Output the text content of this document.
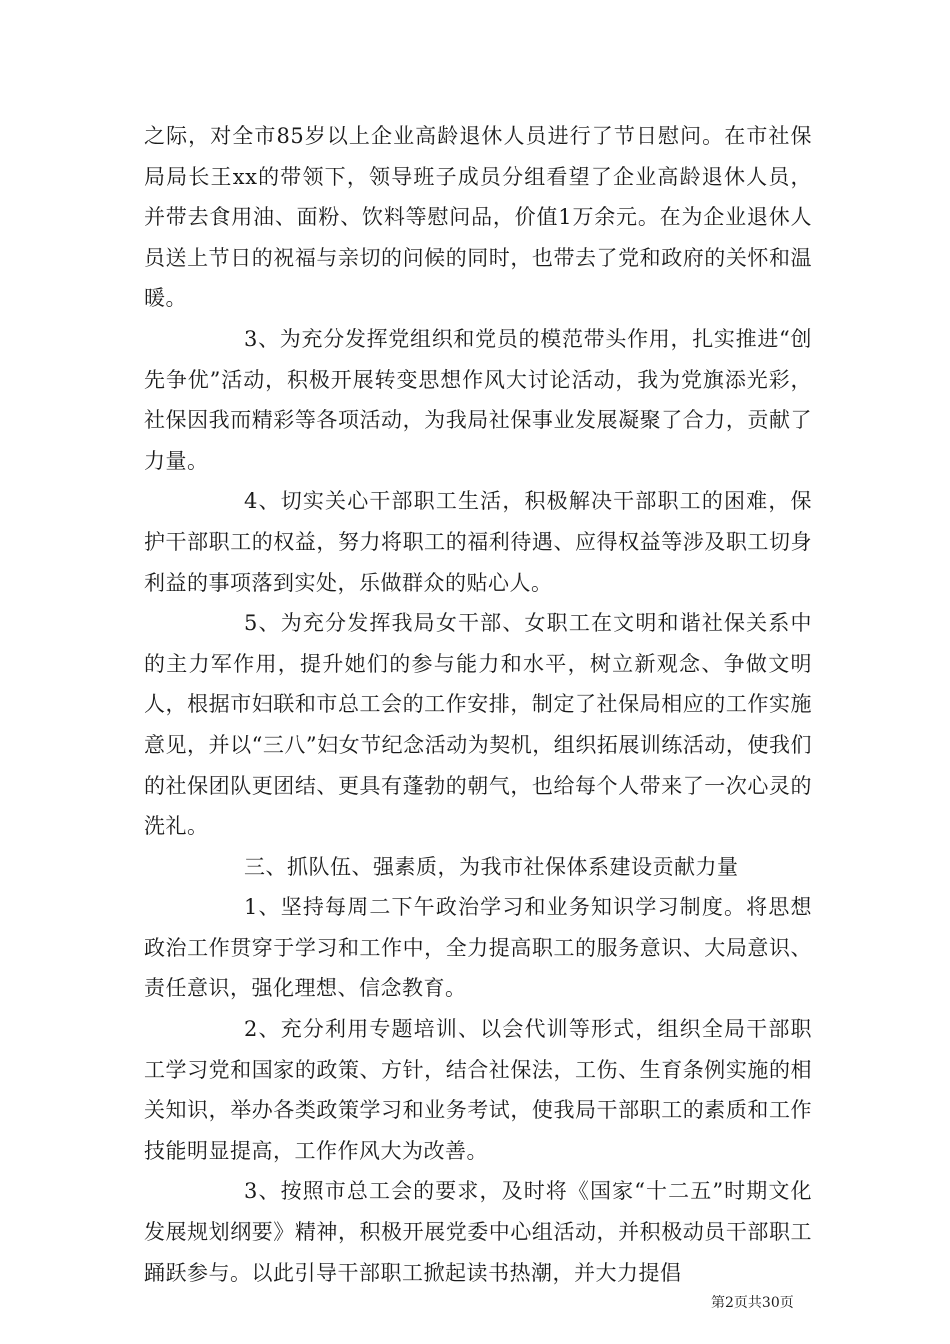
之际，对全市85岁以上企业高龄退休人员进行了节日慰问。在市社保局局长王xx的带领下，领导班子成员分组看望了企业高龄退休人员，并带去食用油、面粉、饮料等慰问品，价值1万余元。在为企业退休人员送上节日的祝福与亲切的问候的同时，也带去了党和政府的关怀和温暖。

3、为充分发挥党组织和党员的模范带头作用，扎实推进“创先争优”活动，积极开展转变思想作风大讨论活动，我为党旗添光彩，社保因我而精彩等各项活动，为我局社保事业发展凝聚了合力，贡献了力量。

4、切实关心干部职工生活，积极解决干部职工的困难，保护干部职工的权益，努力将职工的福利待遇、应得权益等涉及职工切身利益的事项落到实处，乐做群众的贴心人。

5、为充分发挥我局女干部、女职工在文明和谐社保关系中的主力军作用，提升她们的参与能力和水平，树立新观念、争做文明人，根据市妇联和市总工会的工作安排，制定了社保局相应的工作实施意见，并以“三八”妇女节纪念活动为契机，组织拓展训练活动，使我们的社保团队更团结、更具有蓬勃的朝气，也给每个人带来了一次心灵的洗礼。

三、抓队伍、强素质，为我市社保体系建设贡献力量

1、坚持每周二下午政治学习和业务知识学习制度。将思想政治工作贯穿于学习和工作中，全力提高职工的服务意识、大局意识、责任意识，强化理想、信念教育。

2、充分利用专题培训、以会代训等形式，组织全局干部职工学习党和国家的政策、方针，结合社保法，工伤、生育条例实施的相关知识，举办各类政策学习和业务考试，使我局干部职工的素质和工作技能明显提高，工作作风大为改善。

3、按照市总工会的要求，及时将《国家“十二五”时期文化发展规划纲要》精神，积极开展党委中心组活动，并积极动员干部职工踊跃参与。以此引导干部职工掀起读书热潮，并大力提倡

第2页共30页
